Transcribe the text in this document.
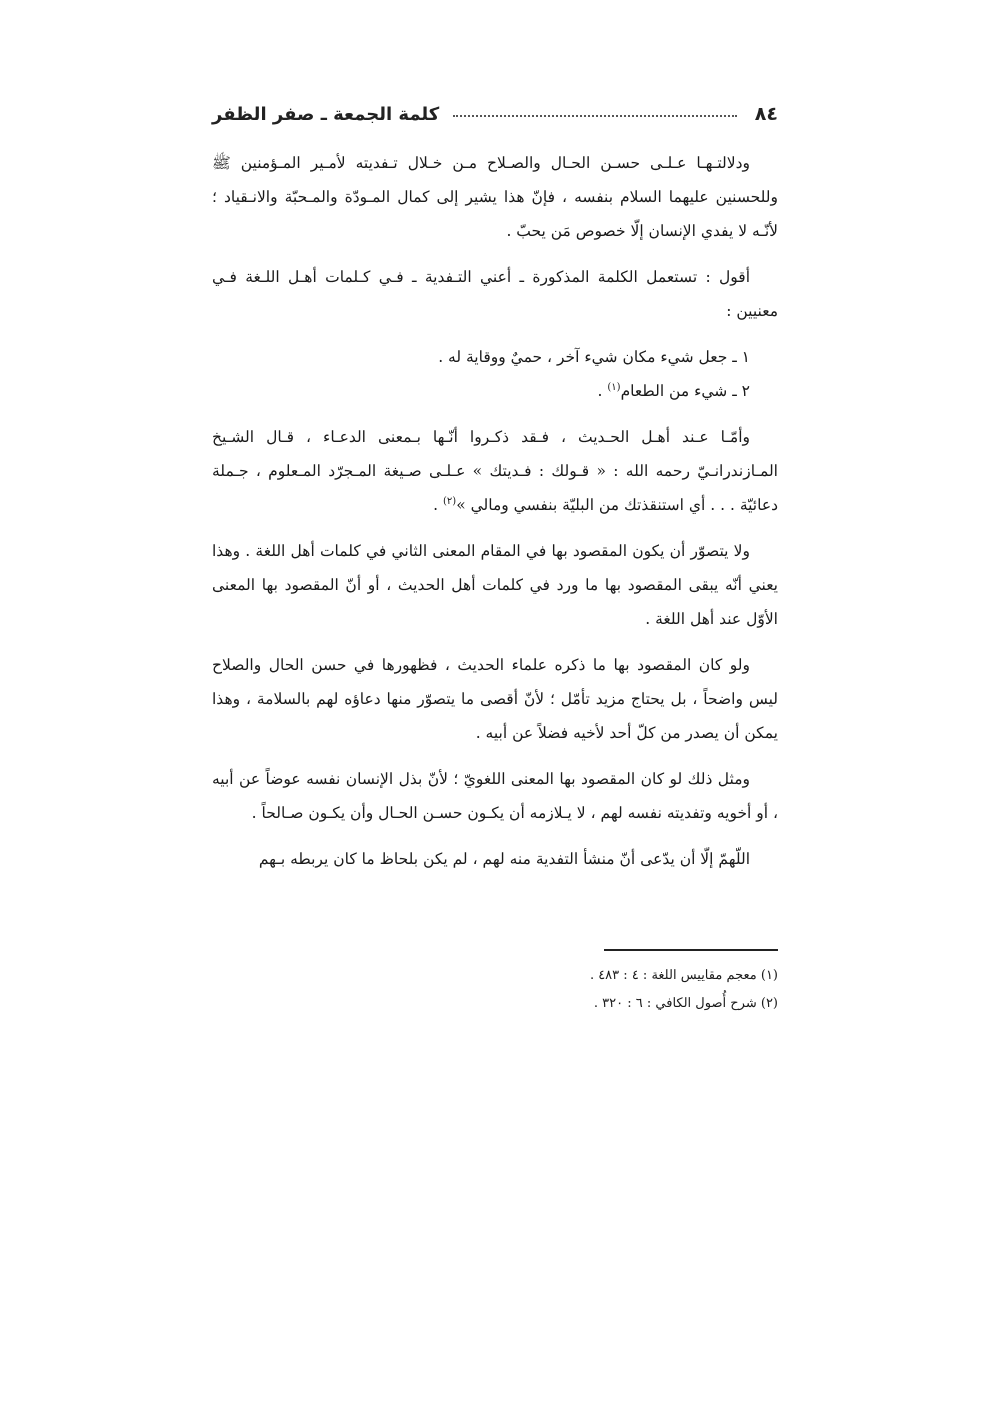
٨٤
كلمة الجمعة ـ صفر الظفر

ودلالتـهـا عـلـى حسـن الحـال والصـلاح مـن خـلال تـفديته لأمـير المـؤمنين ﷺ وللحسنين عليهما السلام بنفسه ، فإنّ هذا يشير إلى كمال المـودّة والمـحبّة والانـقياد ؛ لأنّـه لا يفدي الإنسان إلّا خصوص مَن يحبّ .

أقول : تستعمل الكلمة المذكورة ـ أعني التـفدية ـ فـي كـلمات أهـل اللـغة فـي معنيين :

١ ـ جعل شيء مكان شيء آخر ، حميٌ ووقاية له .

٢ ـ شيء من الطعام$^{(١)}$ .

وأمّـا عـند أهـل الحـديث ، فـقد ذكـروا أنّـها بـمعنى الدعـاء ، قـال الشـيخ المـازندرانـيّ رحمه الله : « قـولك : فـديتك » عـلـى صـيغة المـجرّد المـعلوم ، جـملة دعائيّة . . . أي استنقذتك من البليّة بنفسي ومالي »$^{(٢)}$ .

ولا يتصوّر أن يكون المقصود بها في المقام المعنى الثاني في كلمات أهل اللغة . وهذا يعني أنّه يبقى المقصود بها ما ورد في كلمات أهل الحديث ، أو أنّ المقصود بها المعنى الأوّل عند أهل اللغة .

ولو كان المقصود بها ما ذكره علماء الحديث ، فظهورها في حسن الحال والصلاح ليس واضحاً ، بل يحتاج مزيد تأمّل ؛ لأنّ أقصى ما يتصوّر منها دعاؤه لهم بالسلامة ، وهذا يمكن أن يصدر من كلّ أحد لأخيه فضلاً عن أبيه .

ومثل ذلك لو كان المقصود بها المعنى اللغويّ ؛ لأنّ بذل الإنسان نفسه عوضاً عن أبيه ، أو أخويه وتفديته نفسه لهم ، لا يـلازمه أن يكـون حسـن الحـال وأن يكـون صـالحاً .

اللّهمّ إلّا أن يدّعى أنّ منشأ التفدية منه لهم ، لم يكن بلحاظ ما كان يربطه بـهم

(١) معجم مقاييس اللغة : ٤ : ٤٨٣ .

(٢) شرح أُصول الكافي : ٦ : ٣٢٠ .
